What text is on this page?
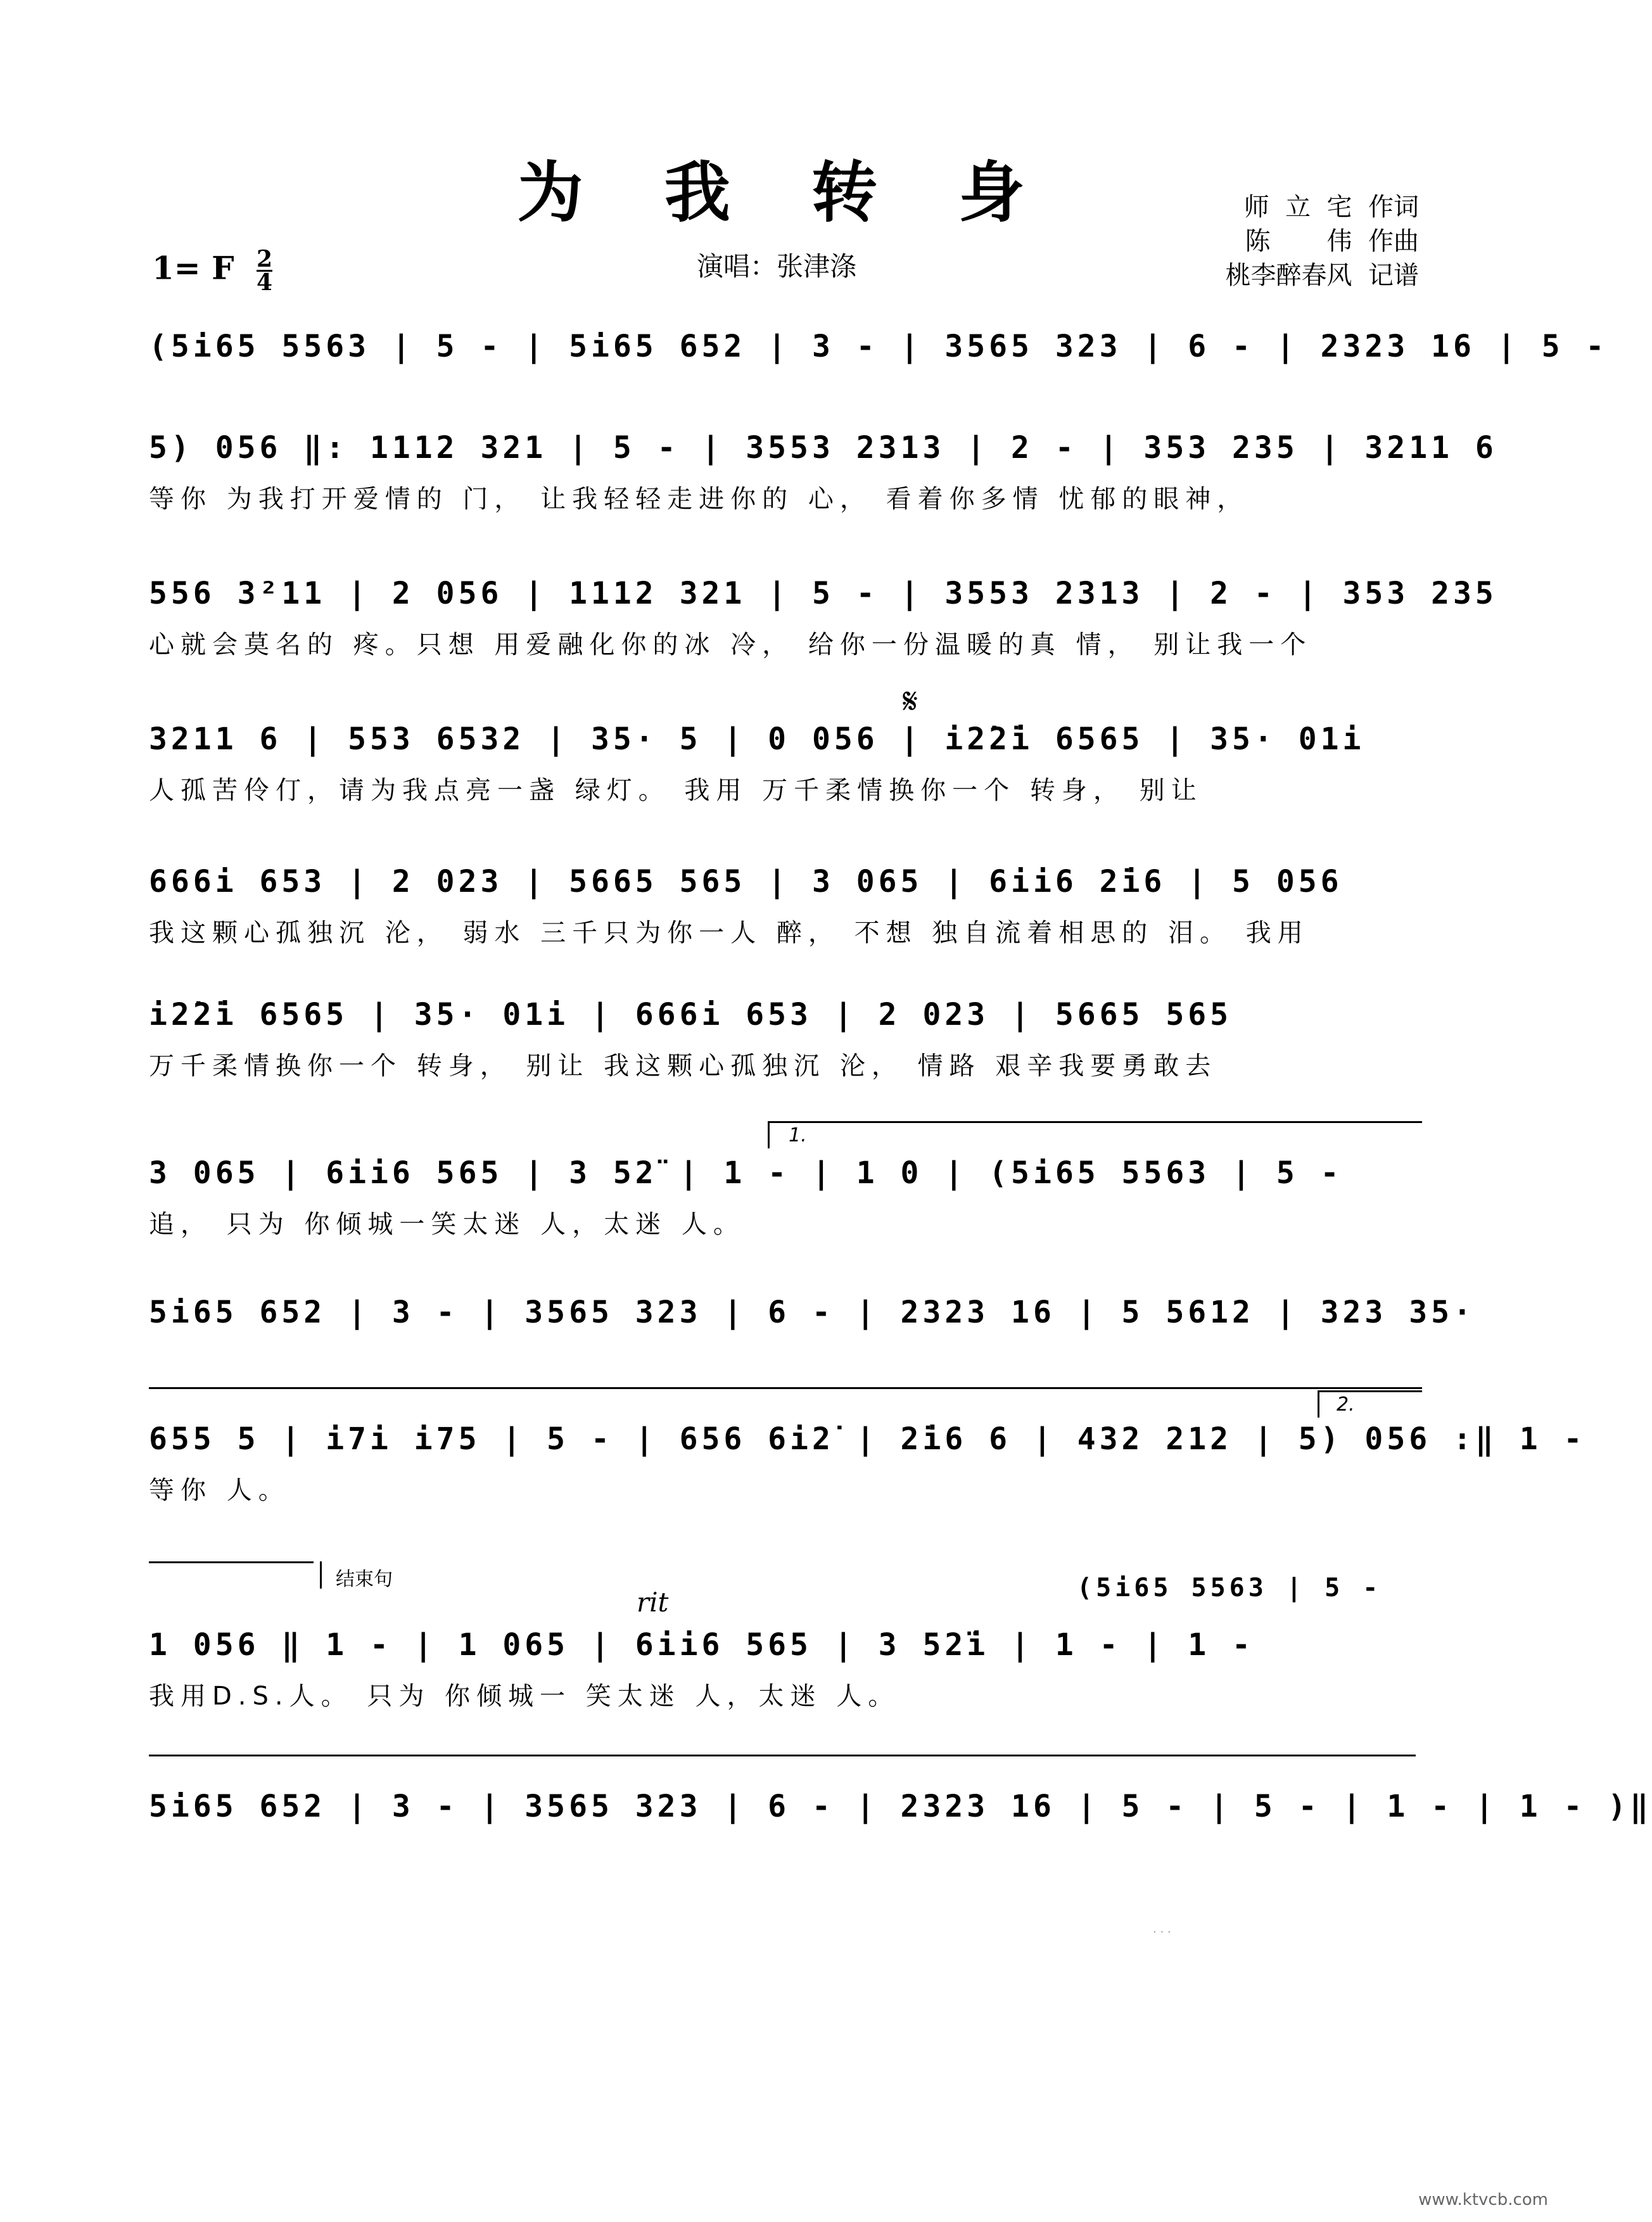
为 我 转 身	师  立  宅  作词
陈       伟  作曲
桃李醉春风  记谱
1= F $\frac{2}{4}$	演唱：张津涤
(5i65 5563 | 5 - | 5i65 652 | 3 - | 3565 323 | 6 - | 2323 16 | 5 -
5) 056 ‖: 1112 321 | 5 - | 3553 2313 | 2 - | 353 235 | 3211 6
等你 为我打开爱情的 门， 让我轻轻走进你的 心， 看着你多情 忧郁的眼神，
556 3²11 | 2 056 | 1112 321 | 5 - | 3553 2313 | 2 - | 353 235
心就会莫名的 疼。只想 用爱融化你的冰 冷， 给你一份温暖的真 情， 别让我一个
𝄋
3211 6 | 553 6532 | 35· 5 | 0 056 | i2̇2̇i 6565 | 35· 01i
人孤苦伶仃，请为我点亮一盏 绿灯。 我用 万千柔情换你一个 转身， 别让
666i 653 | 2 023 | 5665 565 | 3 065 | 6ii6 2̇i6 | 5 056
我这颗心孤独沉 沦， 弱水 三千只为你一人 醉， 不想 独自流着相思的 泪。 我用
i2̇2̇i 6565 | 35· 01i | 666i 653 | 2 023 | 5665 565
万千柔情换你一个 转身， 别让 我这颗心孤独沉 沦， 情路 艰辛我要勇敢去
1.
3 065 | 6ii6 565 | 3 52̈ | 1 - | 1 0 | (5i65 5563 | 5 -
追， 只为 你倾城一笑太迷 人，太迷 人。
5i65 652 | 3 - | 3565 323 | 6 - | 2323 16 | 5 5612 | 323 35·
2.
655 5 | i7i i75 | 5 - | 656 6i2̇ | 2̇i6 6 | 432 212 | 5) 056 :‖ 1 -
等你 人。
结束句
rit	(5i65 5563 | 5 -
1 056 ‖ 1 - | 1 065 | 6ii6 565 | 3 52̈i | 1 - | 1 -
我用D.S.人。 只为 你倾城一 笑太迷 人，太迷 人。
5i65 652 | 3 - | 3565 323 | 6 - | 2323 16 | 5 - | 5 - | 1 - | 1 - )‖
· · ·
www.ktvcb.com
